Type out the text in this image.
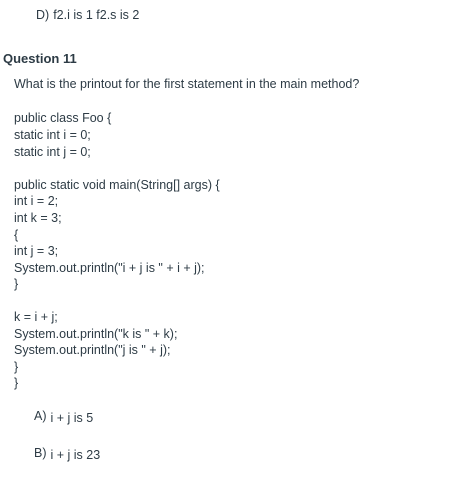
D) f2.i is 1 f2.s is 2
Question 11
What is the printout for the first statement in the main method?
public class Foo {
static int i = 0;
static int j = 0;
public static void main(String[] args) {
int i = 2;
int k = 3;
{
int j = 3;
System.out.println("i + j is " + i + j);
}
k = i + j;
System.out.println("k is " + k);
System.out.println("j is " + j);
}
}
A) i + j is 5
B) i + j is 23
